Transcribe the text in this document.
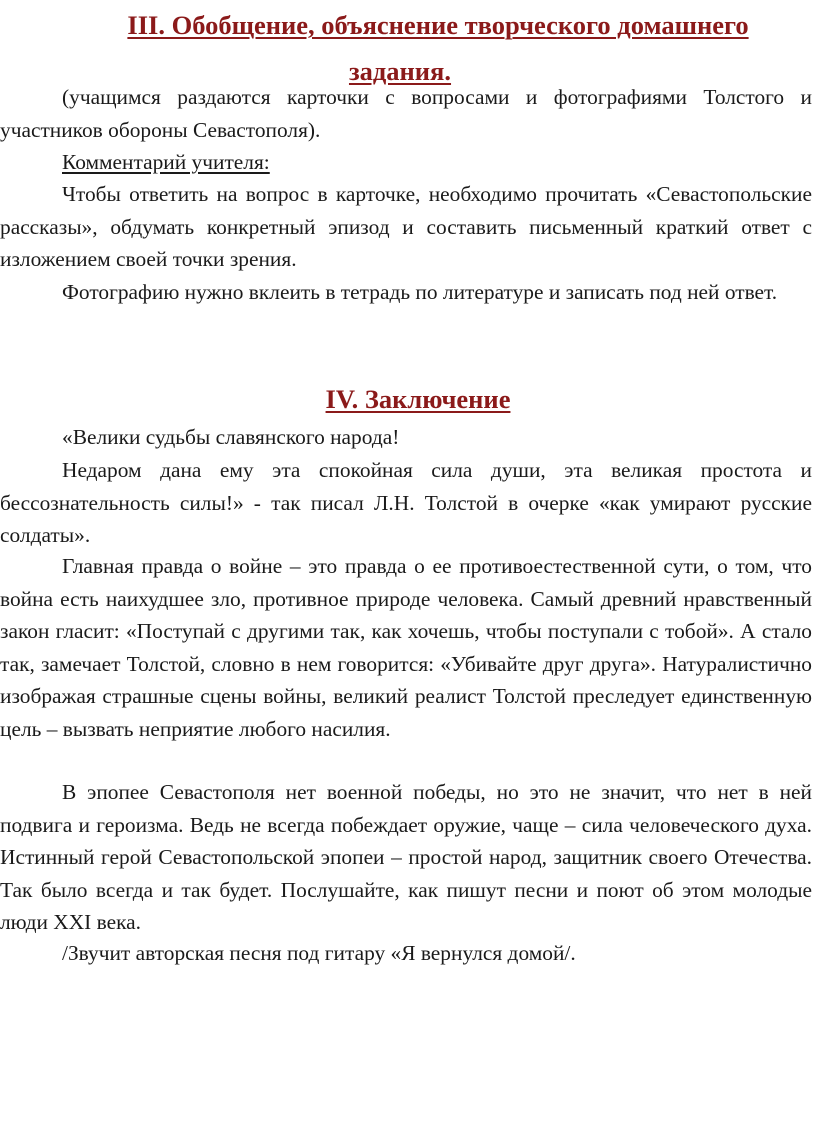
III. Обобщение, объяснение творческого домашнего
задания.

(учащимся раздаются карточки с вопросами и фотографиями Толстого и участников обороны Севастополя).

Комментарий учителя:

Чтобы ответить на вопрос в карточке, необходимо прочитать «Севастопольские рассказы», обдумать конкретный эпизод и составить письменный краткий ответ с изложением своей точки зрения.

Фотографию нужно вклеить в тетрадь по литературе и записать под ней ответ.

IV. Заключение

«Велики судьбы славянского народа!

Недаром дана ему эта спокойная сила души, эта великая простота и бессознательность силы!» - так писал Л.Н. Толстой в очерке «как умирают русские солдаты».

Главная правда о войне – это правда о ее противоестественной сути, о том, что война есть наихудшее зло, противное природе человека. Самый древний нравственный закон гласит: «Поступай с другими так, как хочешь, чтобы поступали с тобой». А стало так, замечает Толстой, словно в нем говорится: «Убивайте друг друга». Натуралистично изображая страшные сцены войны, великий реалист Толстой преследует единственную цель – вызвать неприятие любого насилия.

В эпопее Севастополя нет военной победы, но это не значит, что нет в ней подвига и героизма. Ведь не всегда побеждает оружие, чаще – сила человеческого духа. Истинный герой Севастопольской эпопеи – простой народ, защитник своего Отечества. Так было всегда и так будет. Послушайте, как пишут песни и поют об этом молодые люди XXI века.

/Звучит авторская песня под гитару «Я вернулся домой/.
